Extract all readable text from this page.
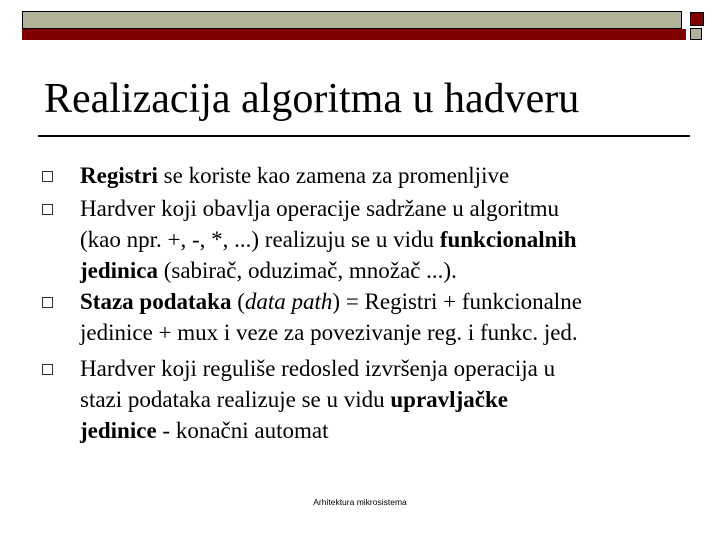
Realizacija algoritma u hadveru
Registri se koriste kao zamena za promenljive
Hardver koji obavlja operacije sadržane u algoritmu
(kao npr. +, -, *, ...) realizuju se u vidu funkcionalnih
jedinica (sabirač, oduzimač, množač ...).
Staza podataka (data path) = Registri + funkcionalne
jedinice + mux i veze za povezivanje reg. i funkc. jed.
Hardver koji reguliše redosled izvršenja operacija u
stazi podataka realizuje se u vidu upravljačke
jedinice - konačni automat
Arhitektura mikrosistema
